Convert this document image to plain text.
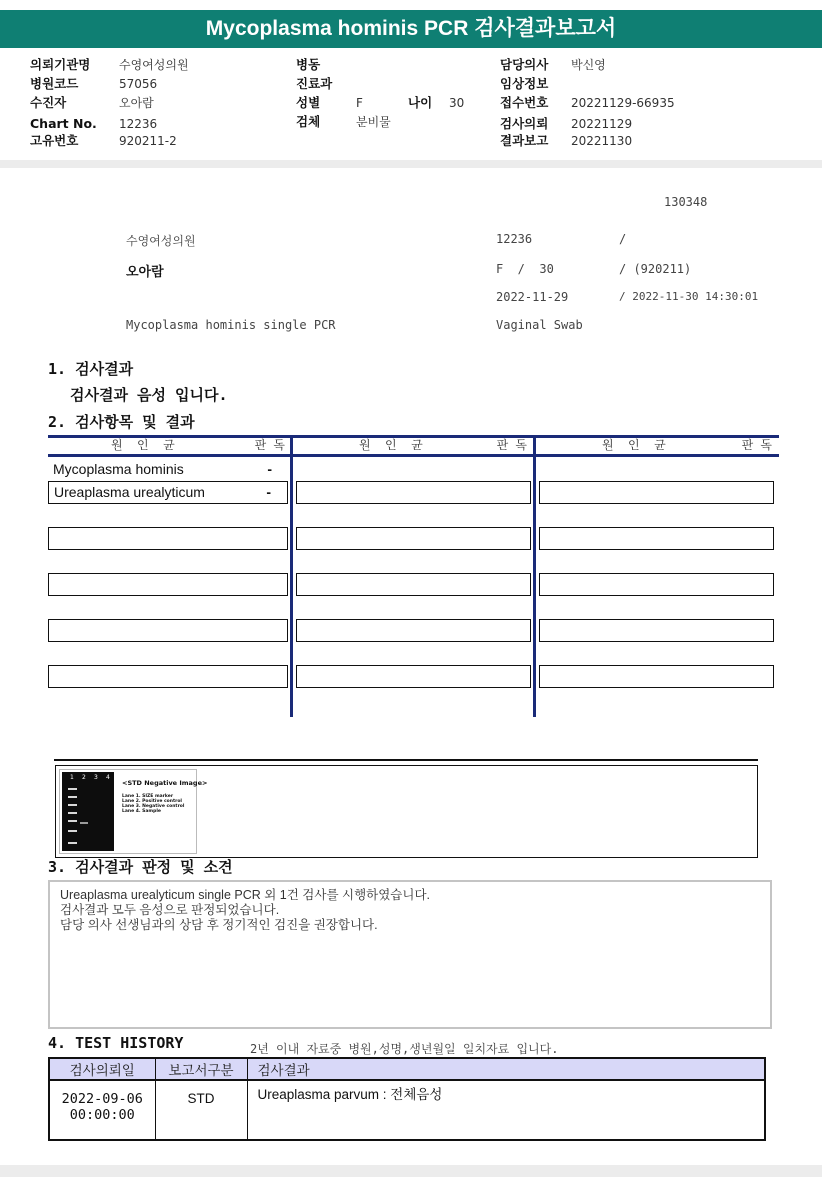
Mycoplasma hominis PCR 검사결과보고서
의뢰기관명 수영여성의원
병원코드	57056
수진자	오아람
Chart No. 12236
고유번호	920211-2
병동
진료과
성별	F	나이 30
검체	분비물
담당의사 박신영
임상정보
접수번호 20221129-66935
검사의뢰 20221129
결과보고 20221130
130348
수영여성의원	12236	/
오아람	F  /  30	/ (920211)
2022-11-29	/ 2022-11-30 14:30:01
Mycoplasma hominis single PCR	Vaginal Swab
1. 검사결과
검사결과 음성 입니다.
2. 검사항목 및 결과
원  인  균	판 독	원  인  균	판 독	원  인  균	판 독
Mycoplasma hominis	-
Ureaplasma urealyticum	-
1 2 3 4
<STD Negative Image>
Lane 1. SIZE marker
Lane 2. Positive control
Lane 3. Negative control
Lane 4. Sample
3. 검사결과 판정 및 소견
Ureaplasma urealyticum single PCR 외 1건 검사를 시행하였습니다.
검사결과 모두 음성으로 판정되었습니다.
담당 의사 선생님과의 상담 후 정기적인 검진을 권장합니다.
4. TEST HISTORY	2년 이내 자료중 병원,성명,생년월일 일치자료 입니다.
검사의뢰일	보고서구분	검사결과

2022-09-06
00:00:00	STD	Ureaplasma parvum : 전체음성
